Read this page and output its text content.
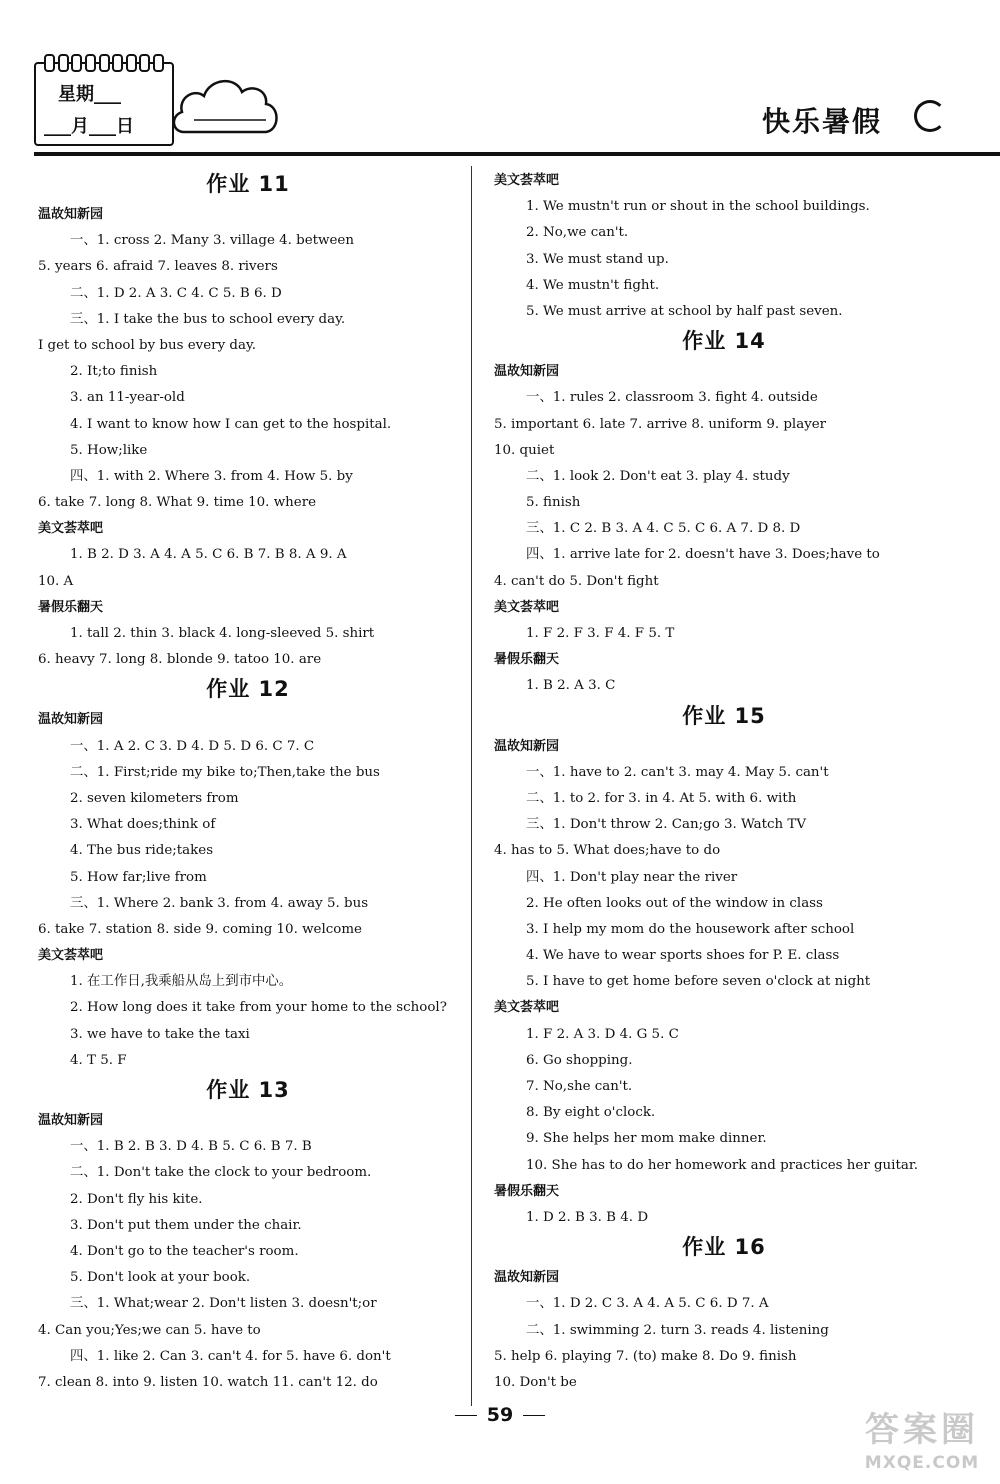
星期___
___月___日	快乐暑假
作业 11
温故知新园
一、1. cross 2. Many 3. village 4. between
5. years 6. afraid 7. leaves 8. rivers
二、1. D 2. A 3. C 4. C 5. B 6. D
三、1. I take the bus to school every day.
I get to school by bus every day.
2. It;to finish
3. an 11-year-old
4. I want to know how I can get to the hospital.
5. How;like
四、1. with 2. Where 3. from 4. How 5. by
6. take 7. long 8. What 9. time 10. where
美文荟萃吧
1. B 2. D 3. A 4. A 5. C 6. B 7. B 8. A 9. A
10. A
暑假乐翻天
1. tall 2. thin 3. black 4. long-sleeved 5. shirt
6. heavy 7. long 8. blonde 9. tatoo 10. are
作业 12
温故知新园
一、1. A 2. C 3. D 4. D 5. D 6. C 7. C
二、1. First;ride my bike to;Then,take the bus
2. seven kilometers from
3. What does;think of
4. The bus ride;takes
5. How far;live from
三、1. Where 2. bank 3. from 4. away 5. bus
6. take 7. station 8. side 9. coming 10. welcome
美文荟萃吧
1. 在工作日,我乘船从岛上到市中心。
2. How long does it take from your home to the school?
3. we have to take the taxi
4. T 5. F
作业 13
温故知新园
一、1. B 2. B 3. D 4. B 5. C 6. B 7. B
二、1. Don't take the clock to your bedroom.
2. Don't fly his kite.
3. Don't put them under the chair.
4. Don't go to the teacher's room.
5. Don't look at your book.
三、1. What;wear 2. Don't listen 3. doesn't;or
4. Can you;Yes;we can 5. have to
四、1. like 2. Can 3. can't 4. for 5. have 6. don't
7. clean 8. into 9. listen 10. watch 11. can't 12. do
美文荟萃吧
1. We mustn't run or shout in the school buildings.
2. No,we can't.
3. We must stand up.
4. We mustn't fight.
5. We must arrive at school by half past seven.
作业 14
温故知新园
一、1. rules 2. classroom 3. fight 4. outside
5. important 6. late 7. arrive 8. uniform 9. player
10. quiet
二、1. look 2. Don't eat 3. play 4. study
5. finish
三、1. C 2. B 3. A 4. C 5. C 6. A 7. D 8. D
四、1. arrive late for 2. doesn't have 3. Does;have to
4. can't do 5. Don't fight
美文荟萃吧
1. F 2. F 3. F 4. F 5. T
暑假乐翻天
1. B 2. A 3. C
作业 15
温故知新园
一、1. have to 2. can't 3. may 4. May 5. can't
二、1. to 2. for 3. in 4. At 5. with 6. with
三、1. Don't throw 2. Can;go 3. Watch TV
4. has to 5. What does;have to do
四、1. Don't play near the river
2. He often looks out of the window in class
3. I help my mom do the housework after school
4. We have to wear sports shoes for P. E. class
5. I have to get home before seven o'clock at night
美文荟萃吧
1. F 2. A 3. D 4. G 5. C
6. Go shopping.
7. No,she can't.
8. By eight o'clock.
9. She helps her mom make dinner.
10. She has to do her homework and practices her guitar.
暑假乐翻天
1. D 2. B 3. B 4. D
作业 16
温故知新园
一、1. D 2. C 3. A 4. A 5. C 6. D 7. A
二、1. swimming 2. turn 3. reads 4. listening
5. help 6. playing 7. (to) make 8. Do 9. finish
10. Don't be
59	答案圈
MXQE.COM
